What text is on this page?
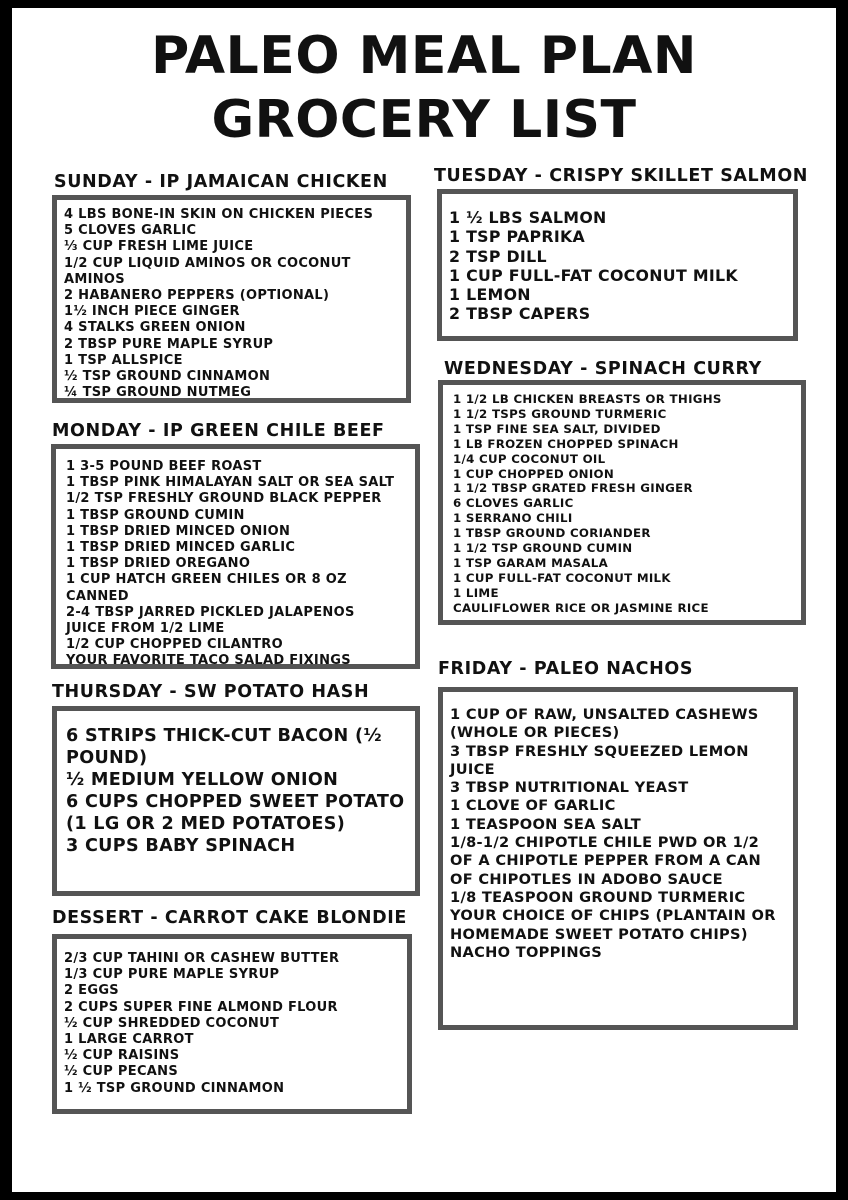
PALEO MEAL PLAN
GROCERY LIST
SUNDAY - IP JAMAICAN CHICKEN
4 LBS BONE-IN SKIN ON CHICKEN PIECES
5 CLOVES GARLIC
⅓ CUP FRESH LIME JUICE
1/2 CUP LIQUID AMINOS OR COCONUT AMINOS
2 HABANERO PEPPERS (OPTIONAL)
1½ INCH PIECE GINGER
4 STALKS GREEN ONION
2 TBSP PURE MAPLE SYRUP
1 TSP ALLSPICE
½ TSP GROUND CINNAMON
¼ TSP GROUND NUTMEG
MONDAY - IP GREEN CHILE BEEF
1 3-5 POUND BEEF ROAST
1 TBSP PINK HIMALAYAN SALT OR SEA SALT
1/2 TSP FRESHLY GROUND BLACK PEPPER
1 TBSP GROUND CUMIN
1 TBSP DRIED MINCED ONION
1 TBSP DRIED MINCED GARLIC
1 TBSP DRIED OREGANO
1 CUP HATCH GREEN CHILES OR 8 OZ CANNED
2-4 TBSP JARRED PICKLED JALAPENOS
JUICE FROM 1/2 LIME
1/2 CUP CHOPPED CILANTRO
YOUR FAVORITE TACO SALAD FIXINGS
THURSDAY - SW POTATO HASH
6 STRIPS THICK-CUT BACON (½ POUND)
½ MEDIUM YELLOW ONION
6 CUPS CHOPPED SWEET POTATO (1 LG OR 2 MED POTATOES)
3 CUPS BABY SPINACH
DESSERT - CARROT CAKE BLONDIE
2/3 CUP TAHINI OR CASHEW BUTTER
1/3 CUP PURE MAPLE SYRUP
2 EGGS
2 CUPS SUPER FINE ALMOND FLOUR
½ CUP SHREDDED COCONUT
1 LARGE CARROT
½ CUP RAISINS
½ CUP PECANS
1 ½ TSP GROUND CINNAMON
TUESDAY - CRISPY SKILLET SALMON
1 ½ LBS SALMON
1 TSP PAPRIKA
2 TSP DILL
1 CUP FULL-FAT COCONUT MILK
1 LEMON
2 TBSP CAPERS
WEDNESDAY - SPINACH CURRY
1 1/2 LB CHICKEN BREASTS OR THIGHS
1 1/2 TSPS GROUND TURMERIC
1 TSP FINE SEA SALT, DIVIDED
1 LB FROZEN CHOPPED SPINACH
1/4 CUP COCONUT OIL
1 CUP CHOPPED ONION
1 1/2 TBSP GRATED FRESH GINGER
6 CLOVES GARLIC
1 SERRANO CHILI
1 TBSP GROUND CORIANDER
1 1/2 TSP GROUND CUMIN
1 TSP GARAM MASALA
1 CUP FULL-FAT COCONUT MILK
1 LIME
CAULIFLOWER RICE OR JASMINE RICE
FRIDAY - PALEO NACHOS
1 CUP OF RAW, UNSALTED CASHEWS (WHOLE OR PIECES)
3 TBSP FRESHLY SQUEEZED LEMON JUICE
3 TBSP NUTRITIONAL YEAST
1 CLOVE OF GARLIC
1 TEASPOON SEA SALT
1/8-1/2 CHIPOTLE CHILE PWD OR 1/2 OF A CHIPOTLE PEPPER FROM A CAN OF CHIPOTLES IN ADOBO SAUCE
1/8 TEASPOON GROUND TURMERIC
YOUR CHOICE OF CHIPS (PLANTAIN OR HOMEMADE SWEET POTATO CHIPS)
NACHO TOPPINGS
